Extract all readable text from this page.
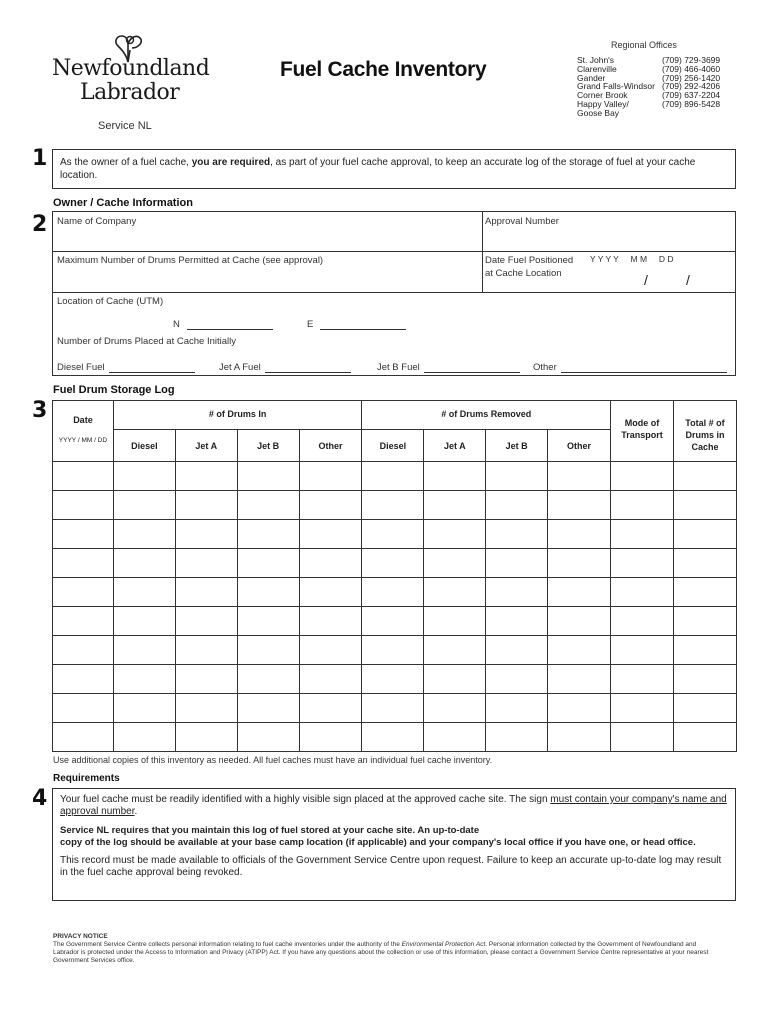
Newfoundland
Labrador
Service NL
Fuel Cache Inventory
Regional Offices
St. John's	(709) 729-3699
Clarenville	(709) 466-4060
Gander	(709) 256-1420
Grand Falls-Windsor (709) 292-4206
Corner Brook	(709) 637-2204
Happy Valley/	(709) 896-5428
Goose Bay
1 As the owner of a fuel cache, you are required, as part of your fuel cache approval, to keep an accurate log of the storage of fuel at your cache location.
Owner / Cache Information
2 Name of Company	Approval Number
Maximum Number of Drums Permitted at Cache (see approval)	Date Fuel Positioned
at Cache Location
Y Y Y Y     M M     D D
/	/
Location of Cache (UTM)
N	E
Number of Drums Placed at Cache Initially
Diesel Fuel	Jet A Fuel	Jet B Fuel	Other
Fuel Drum Storage Log
3	Date
YYYY / MM / DD	# of Drums In				# of Drums Removed				Mode of Transport	Total # of Drums in Cache
	Diesel	Jet A	Jet B	Other	Diesel	Jet A	Jet B	Other		

Use additional copies of this inventory as needed. All fuel caches must have an individual fuel cache inventory.
Requirements
4 Your fuel cache must be readily identified with a highly visible sign placed at the approved cache site. The sign must contain your company's name and approval number.

Service NL requires that you maintain this log of fuel stored at your cache site. An up-to-date
copy of the log should be available at your base camp location (if applicable) and your company's local office if you have one, or head office.

This record must be made available to officials of the Government Service Centre upon request. Failure to keep an accurate up-to-date log may result in the fuel cache approval being revoked.

PRIVACY NOTICE
The Government Service Centre collects personal information relating to fuel cache inventories under the authority of the Environmental Protection Act. Personal information collected by the Government of Newfoundland and Labrador is protected under the Access to Information and Privacy (ATIPP) Act. If you have any questions about the collection or use of this information, please contact a Government Service Centre representative at your nearest Government Services office.
